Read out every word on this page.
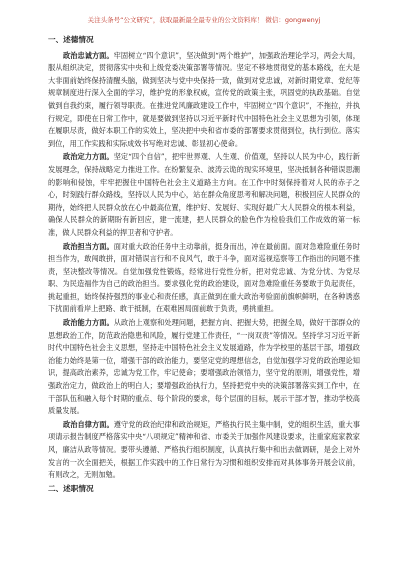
关注头条号“公文研究”，获取最新最全最专业的公文资料库！ 微信：gongwenyj
一、述德情况

政治忠诚方面。牢固树立“四个意识”，坚决做到“两个维护”，加强政治理论学习，两会大局，服从组织决定，贯彻落实中央和上级党委决策部署等情况。坚定不移地贯彻党的基本路线，在大是大非面前始终保持清醒头脑，做到坚决与党中央保持一致，做到对党忠诚，对新时期党章、党纪等规章制度进行深入全面的学习，维护党的形象权威，宣传党的政策主张，巩固党的执政基础。自觉做到自我约束，履行领导职责。在推进党风廉政建设工作中，牢固树立“四个意识”，不拖拉，并执行规定，即使在日常工作中，就是要做到坚持以习近平新时代中国特色社会主义思想为引领，体现在履职尽责，做好本职工作的实效上，坚决把中央和省市委的部署要求贯彻到位，执行到位。落实到位，用工作实践和实际成效书写绝对忠诚、彰显初心使命。

政治定力方面。坚定“四个自信”，把牢世界观、人生观、价值观，坚持以人民为中心，践行新发展理念，保持战略定力推进工作。在纷繁复杂、波涛云诡的现实环境里，坚决抵制各种错误思潮的影响和侵蚀，牢牢把握住中国特色社会主义道路主方向。在工作中时刻保持着对人民的赤子之心，时刻践行群众路线，坚持以人民为中心，站在群众角度思考和解决问题，积极回应人民群众的期待，始终把人民群众放在心中最高位置，维护好、发展好、实现好最广大人民群众的根本利益，确保人民群众的新期盼有新回应，建一流建，把人民群众的脸色作为检验我们工作成效的第一标准，做人民群众利益的捍卫者和守护者。

政治担当方面。面对重大政治任务中主动靠前，挺身而出，冲在最前面。面对急难险重任务时担当作为，敢闯敢拼，面对错误言行和不良风气，敢于斗争，面对巡视巡察等工作指出的问题不推责，坚决整改等情况。自觉加强党性锻炼，经常进行党性分析，把对党忠诚、为党分忧、为党尽职、为民造福作为自己的政治担当。要求强化党的政治建设，面对急难险重任务要敢于负起责任，挑起重担，始终保持强烈的事业心和责任感，真正做到在重大政治考验面前旗帜鲜明，在各种诱惑下扰面前看岸上把路、敢于抵制，在艰难困局面前敢于负责，勇挑重担。

政治能力方面。从政治上观察和处理问题，把握方向、把握大势，把握全局，做好干部群众的思想政治工作，防范政治隐患和风险，履行党建工作责任，“一岗双责”等情况。坚持学习习近平新时代中国特色社会主义思想，坚持走中国特色社会主义发展道路，作为学校里的基层干部，增强政治能力始终是第一位，增强干部的政治能力，要坚定党的理想信念，自觉加强学习党的政治理论知识，提高政治素养，忠诚为党工作，牢记使命；要增强政治领悟力，坚守党的原则，增强党性，增强政治定力，做政治上的明白人；要增强政治执行力，坚持把党中央的决策部署落实到工作中，在干部队伍和融入每个时期的重点、每个阶段的要求，每个层面的目标，展示干部才智，推动学校高质量发展。

政治自律方面。遵守党的政治纪律和政治规矩，严格执行民主集中制，党的组织生活，重大事项请示报告制度严格落实中央“八项规定”精神和省、市委关于加强作风建设要求，注重家庭家教家风，廉洁从政等情况。要带头遵循、严格执行组织制度，认真执行集中和出去做调研，是会上对外发言的一次全面把关，根据工作实践中的工作日常行为习惯和组织安排而对具体事务开展会议前，有则改之，无则加勉。

二、述职情况
